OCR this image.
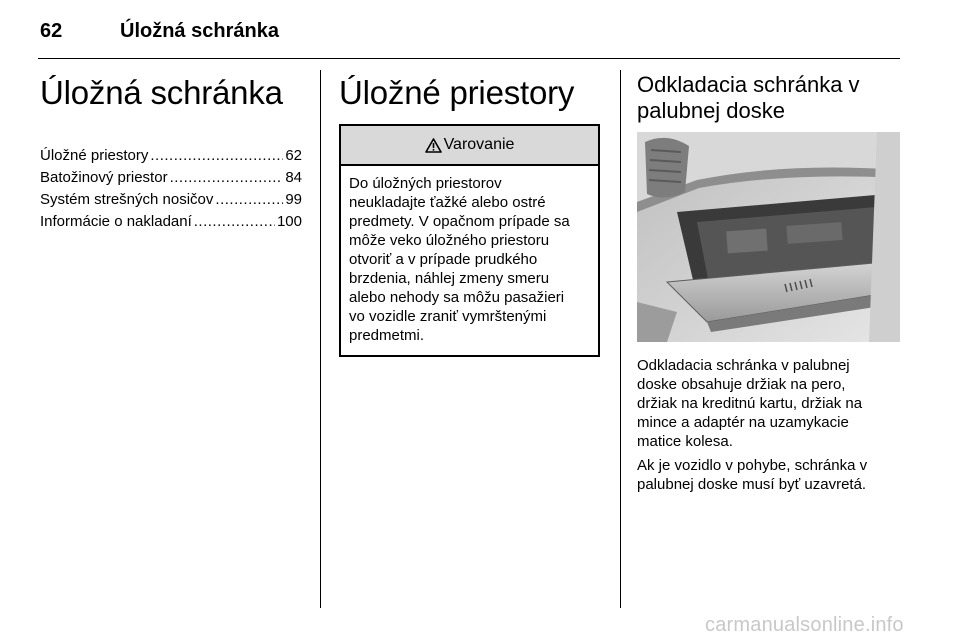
62	Úložná schránka
Úložná schránka
Úložné priestory .....	62
Batožinový priestor .....	84
Systém strešných nosičov .....	99
Informácie o nakladaní .....	100
Úložné priestory
Varovanie
Do úložných priestorov
neukladajte ťažké alebo ostré
predmety. V opačnom prípade sa
môže veko úložného priestoru
otvoriť a v prípade prudkého
brzdenia, náhlej zmeny smeru
alebo nehody sa môžu pasažieri
vo vozidle zraniť vymrštenými
predmetmi.
Odkladacia schránka v
palubnej doske
Odkladacia schránka v palubnej
doske obsahuje držiak na pero,
držiak na kreditnú kartu, držiak na
mince a adaptér na uzamykacie
matice kolesa.
Ak je vozidlo v pohybe, schránka v
palubnej doske musí byť uzavretá.
carmanualsonline.info
